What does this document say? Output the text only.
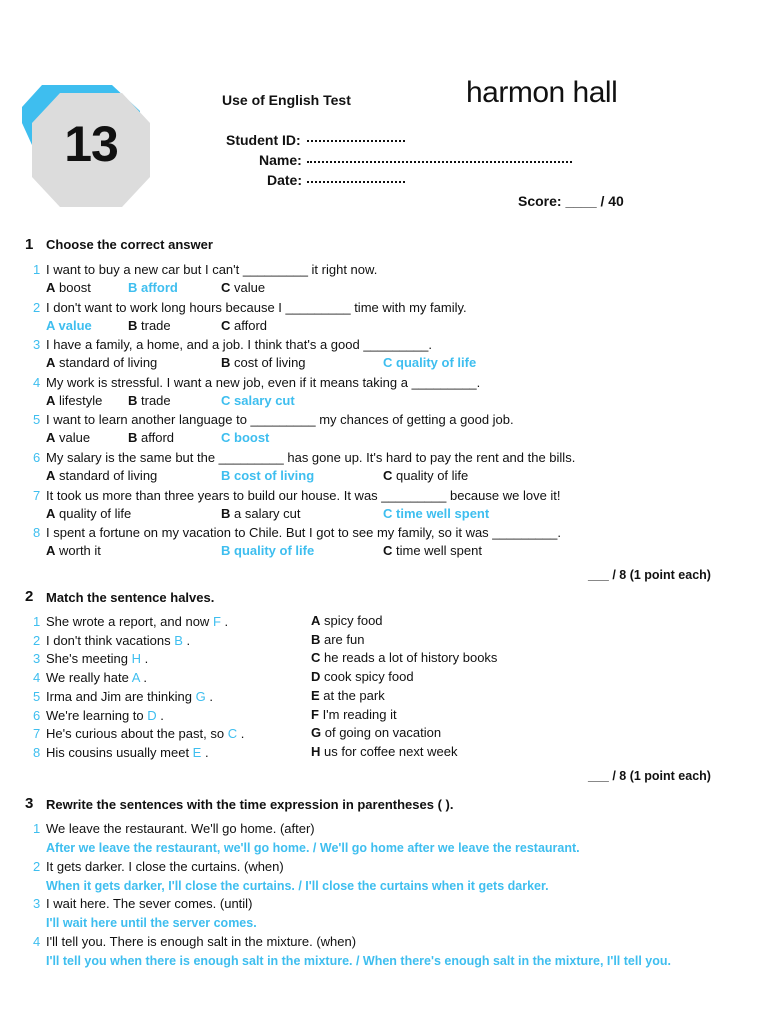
13
Use of English Test	harmon hall
Student ID:
Name:
Date:
Score: ____ / 40
1 Choose the correct answer
1 I want to buy a new car but I can't _________ it right now.
A boost	B afford	C value
2 I don't want to work long hours because I _________ time with my family.
A value	B trade	C afford
3 I have a family, a home, and a job. I think that's a good _________.
A standard of living	B cost of living	C quality of life
4 My work is stressful. I want a new job, even if it means taking a _________.
A lifestyle B trade	C salary cut
5 I want to learn another language to _________ my chances of getting a good job.
A value	B afford	C boost
6 My salary is the same but the _________ has gone up. It's hard to pay the rent and the bills.
A standard of living	B cost of living	C quality of life
7 It took us more than three years to build our house. It was _________ because we love it!
A quality of life	B a salary cut	C time well spent
8 I spent a fortune on my vacation to Chile. But I got to see my family, so it was _________.
A worth it	B quality of life	C time well spent
___ / 8 (1 point each)
2 Match the sentence halves.
1 She wrote a report, and now F .
2 I don't think vacations B .
3 She's meeting H .
4 We really hate A .
5 Irma and Jim are thinking G .
6 We're learning to D .
7 He's curious about the past, so C .
8 His cousins usually meet E .
A spicy food
B are fun
C he reads a lot of history books
D cook spicy food
E at the park
F I'm reading it
G of going on vacation
H us for coffee next week
___ / 8 (1 point each)
3 Rewrite the sentences with the time expression in parentheses ( ).
1 We leave the restaurant. We'll go home. (after)
After we leave the restaurant, we'll go home. / We'll go home after we leave the restaurant.
2 It gets darker. I close the curtains. (when)
When it gets darker, I'll close the curtains. / I'll close the curtains when it gets darker.
3 I wait here. The sever comes. (until)
I'll wait here until the server comes.
4 I'll tell you. There is enough salt in the mixture. (when)
I'll tell you when there is enough salt in the mixture. / When there's enough salt in the mixture, I'll tell you.
